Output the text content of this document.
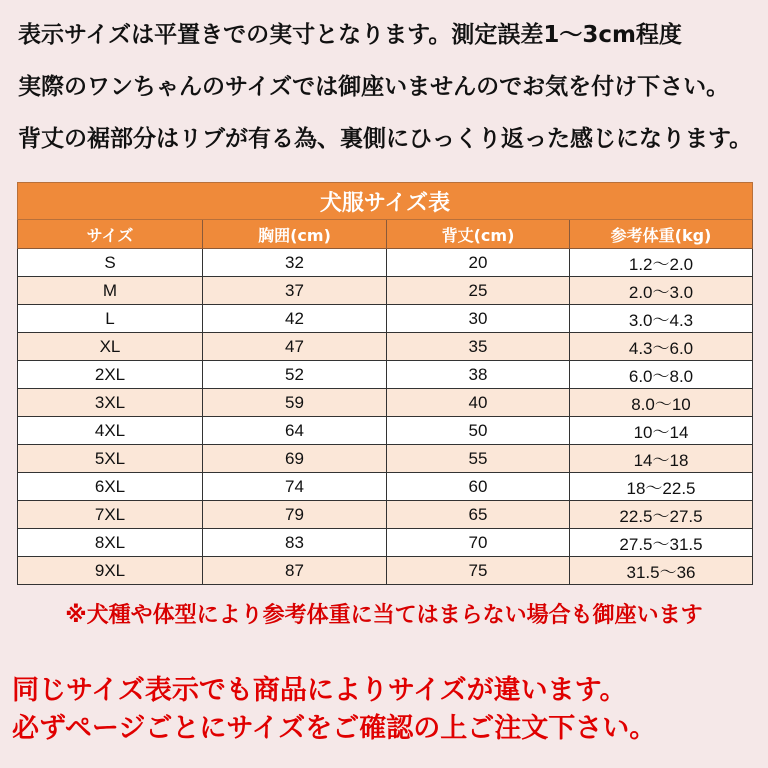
表示サイズは平置きでの実寸となります。測定誤差1～3cm程度
実際のワンちゃんのサイズでは御座いませんのでお気を付け下さい。
背丈の裾部分はリブが有る為、裏側にひっくり返った感じになります。
犬服サイズ表			
サイズ	胸囲(cm)	背丈(cm)	参考体重(kg)
S	32	20	1.2～2.0
M	37	25	2.0～3.0
L	42	30	3.0～4.3
XL	47	35	4.3～6.0
2XL	52	38	6.0～8.0
3XL	59	40	8.0～10
4XL	64	50	10～14
5XL	69	55	14～18
6XL	74	60	18～22.5
7XL	79	65	22.5～27.5
8XL	83	70	27.5～31.5
9XL	87	75	31.5～36
※犬種や体型により参考体重に当てはまらない場合も御座います
同じサイズ表示でも商品によりサイズが違います。
必ずページごとにサイズをご確認の上ご注文下さい。
